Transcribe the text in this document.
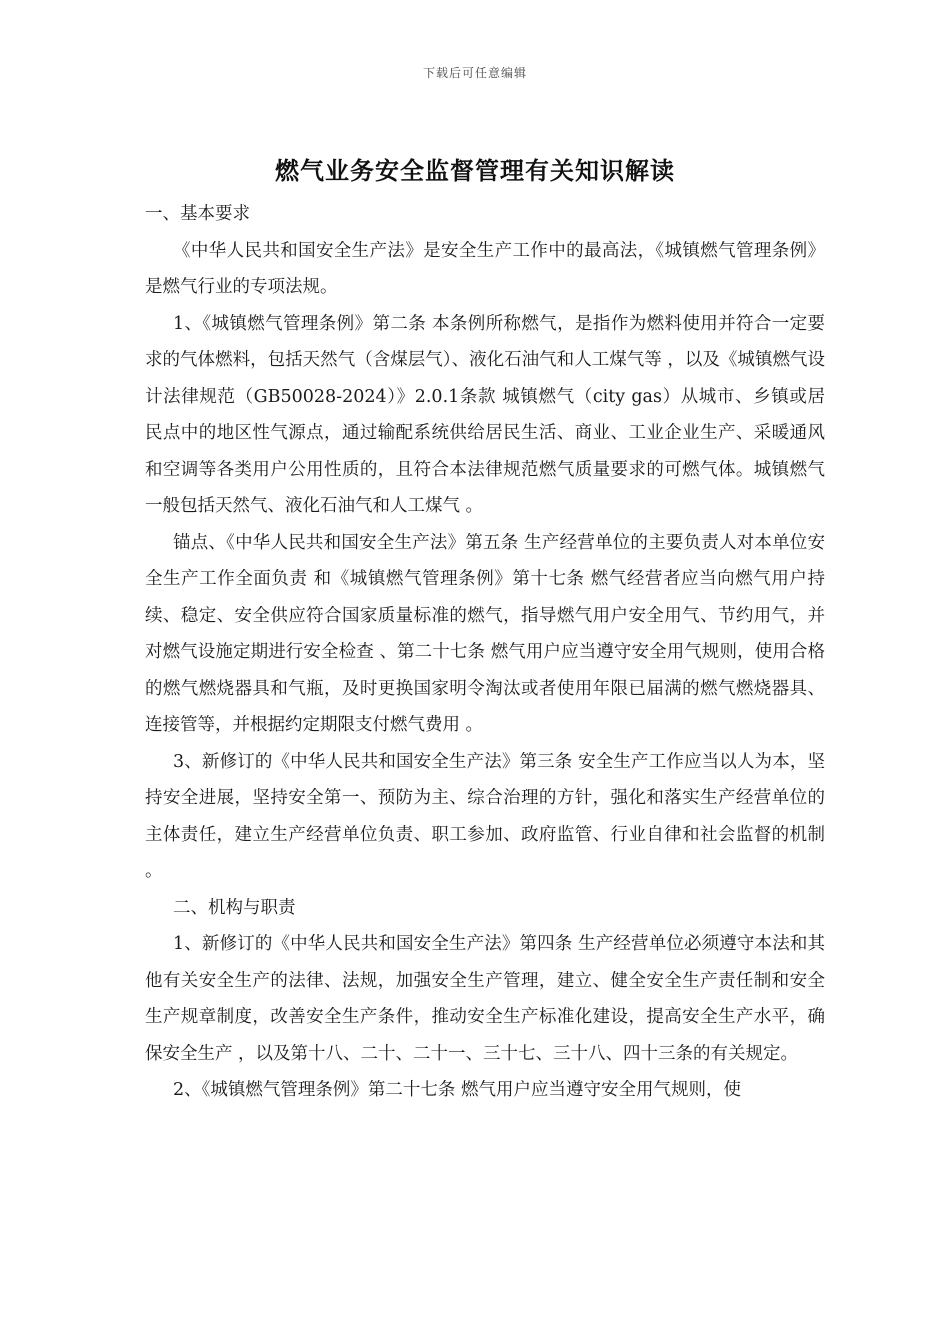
下载后可任意编辑
燃气业务安全监督管理有关知识解读

一、基本要求

《中华人民共和国安全生产法》是安全生产工作中的最高法，《城镇燃气管理条例》是燃气行业的专项法规。

1、《城镇燃气管理条例》第二条 本条例所称燃气，是指作为燃料使用并符合一定要求的气体燃料，包括天然气（含煤层气）、液化石油气和人工煤气等 ，以及《城镇燃气设计法律规范（GB50028-2024）》2.0.1条款 城镇燃气（city gas）从城市、乡镇或居民点中的地区性气源点，通过输配系统供给居民生活、商业、工业企业生产、采暖通风和空调等各类用户公用性质的，且符合本法律规范燃气质量要求的可燃气体。城镇燃气一般包括天然气、液化石油气和人工煤气 。

锚点、《中华人民共和国安全生产法》第五条 生产经营单位的主要负责人对本单位安全生产工作全面负责 和《城镇燃气管理条例》第十七条 燃气经营者应当向燃气用户持续、稳定、安全供应符合国家质量标准的燃气，指导燃气用户安全用气、节约用气，并对燃气设施定期进行安全检查 、第二十七条 燃气用户应当遵守安全用气规则，使用合格的燃气燃烧器具和气瓶，及时更换国家明令淘汰或者使用年限已届满的燃气燃烧器具、连接管等，并根据约定期限支付燃气费用 。

3、新修订的《中华人民共和国安全生产法》第三条 安全生产工作应当以人为本，坚持安全进展，坚持安全第一、预防为主、综合治理的方针，强化和落实生产经营单位的主体责任，建立生产经营单位负责、职工参加、政府监管、行业自律和社会监督的机制 。

二、机构与职责

1、新修订的《中华人民共和国安全生产法》第四条 生产经营单位必须遵守本法和其他有关安全生产的法律、法规，加强安全生产管理，建立、健全安全生产责任制和安全生产规章制度，改善安全生产条件，推动安全生产标准化建设，提高安全生产水平，确保安全生产 ，以及第十八、二十、二十一、三十七、三十八、四十三条的有关规定。

2、《城镇燃气管理条例》第二十七条 燃气用户应当遵守安全用气规则，使
